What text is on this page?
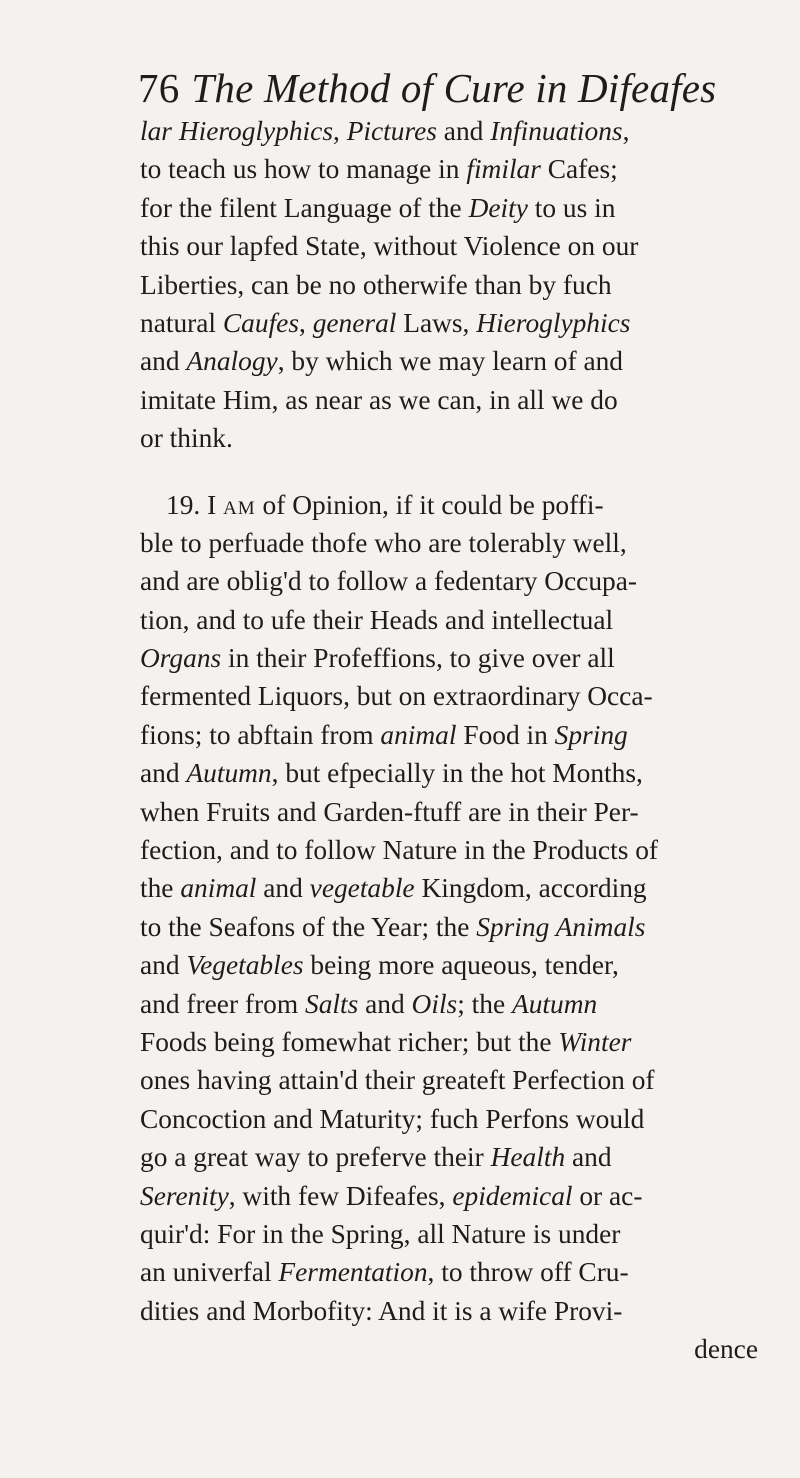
76 The Method of Cure in Difeafes
lar Hieroglyphics, Pictures and Infinuations,
to teach us how to manage in fimilar Cafes;
for the filent Language of the Deity to us in
this our lapfed State, without Violence on our
Liberties, can be no otherwife than by fuch
natural Caufes, general Laws, Hieroglyphics
and Analogy, by which we may learn of and
imitate Him, as near as we can, in all we do
or think.
19. I am of Opinion, if it could be poffi-
ble to perfuade thofe who are tolerably well,
and are oblig'd to follow a fedentary Occupa-
tion, and to ufe their Heads and intellectual
Organs in their Profeffions, to give over all
fermented Liquors, but on extraordinary Occa-
fions; to abftain from animal Food in Spring
and Autumn, but efpecially in the hot Months,
when Fruits and Garden-ftuff are in their Per-
fection, and to follow Nature in the Products of
the animal and vegetable Kingdom, according
to the Seafons of the Year; the Spring Animals
and Vegetables being more aqueous, tender,
and freer from Salts and Oils; the Autumn
Foods being fomewhat richer; but the Winter
ones having attain'd their greateft Perfection of
Concoction and Maturity; fuch Perfons would
go a great way to preferve their Health and
Serenity, with few Difeafes, epidemical or ac-
quir'd: For in the Spring, all Nature is under
an univerfal Fermentation, to throw off Cru-
dities and Morbofity: And it is a wife Provi-
dence
